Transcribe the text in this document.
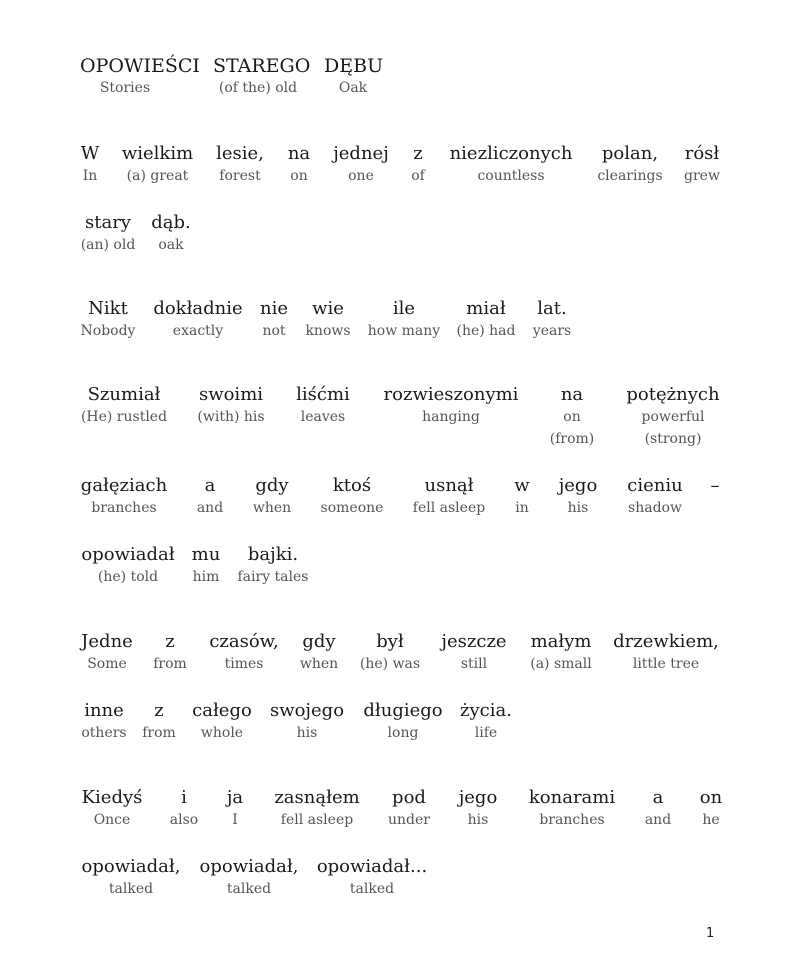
OPOWIEŚCI
Stories
STAREGO
(of the) old
DĘBU
Oak
W
In
wielkim
(a) great
lesie,
forest
na
on
jednej
one
z
of
niezliczonych
countless
polan,
clearings
rósł
grew
stary
(an) old
dąb.
oak
Nikt
Nobody
dokładnie
exactly
nie
not
wie
knows
ile
how many
miał
(he) had
lat.
years
Szumiał
(He) rustled
swoimi
(with) his
liśćmi
leaves
rozwieszonymi
hanging
na
on
(from)
potężnych
powerful
(strong)
gałęziach
branches
a
and
gdy
when
ktoś
someone
usnął
fell asleep
w
in
jego
his
cieniu
shadow
–
opowiadał
(he) told
mu
him
bajki.
fairy tales
Jedne
Some
z
from
czasów,
times
gdy
when
był
(he) was
jeszcze
still
małym
(a) small
drzewkiem,
little tree
inne
others
z
from
całego
whole
swojego
his
długiego
long
życia.
life
Kiedyś
Once
i
also
ja
I
zasnąłem
fell asleep
pod
under
jego
his
konarami
branches
a
and
on
he
opowiadał,
talked
opowiadał,
talked
opowiadał...
talked
1
